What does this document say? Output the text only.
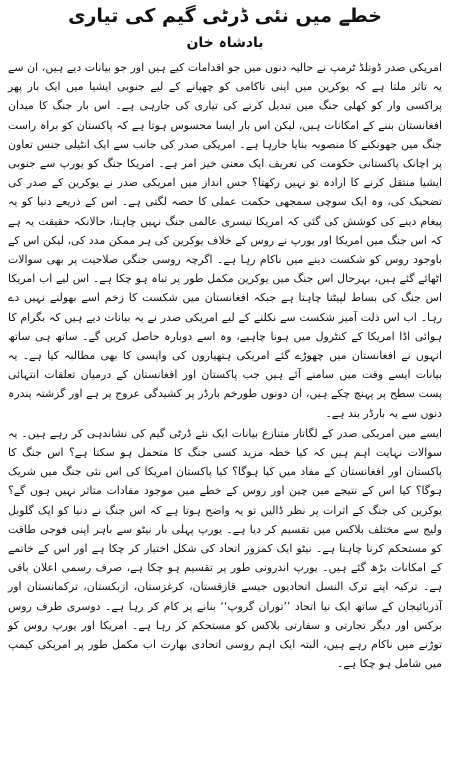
خطے میں نئی ڈرٹی گیم کی تیاری
بادشاہ خان

امریکی صدر ڈونلڈ ٹرمپ نے حالیہ دنوں میں جو اقدامات کیے ہیں اور جو بیانات دیے ہیں، ان سے یہ تاثر ملتا ہے کہ یوکرین میں اپنی ناکامی کو چھپانے کے لیے جنوبی ایشیا میں ایک بار پھر پراکسی وار کو کھلی جنگ میں تبدیل کرنے کی تیاری کی جارہی ہے۔ اس بار جنگ کا میدان افغانستان بننے کے امکانات ہیں، لیکن اس بار ایسا محسوس ہوتا ہے کہ پاکستان کو براہ راست جنگ میں جھونکنے کا منصوبہ بنایا جارہا ہے۔ امریکی صدر کی جانب سے ایک انٹیلی جنس تعاون پر اچانک پاکستانی حکومت کی تعریف ایک معنی خیز امر ہے۔ امریکا جنگ کو یورپ سے جنوبی ایشیا منتقل کرنے کا ارادہ تو نہیں رکھتا؟ جس انداز میں امریکی صدر نے یوکرین کے صدر کی تضحیک کی، وہ ایک سوچی سمجھی حکمت عملی کا حصہ لگتی ہے۔ اس کے ذریعے دنیا کو یہ پیغام دینے کی کوشش کی گئی کہ امریکا تیسری عالمی جنگ نہیں چاہتا، حالانکہ حقیقت یہ ہے کہ اس جنگ میں امریکا اور یورپ نے روس کے خلاف یوکرین کی ہر ممکن مدد کی، لیکن اس کے باوجود روس کو شکست دینے میں ناکام رہا ہے۔ اگرچہ روسی جنگی صلاحیت پر بھی سوالات اٹھائے گئے ہیں، بہرحال اس جنگ میں یوکرین مکمل طور پر تباہ ہو چکا ہے۔ اس لیے اب امریکا اس جنگ کی بساط لپیٹنا چاہتا ہے جبکہ افغانستان میں شکست کا زخم اسے بھولنے نہیں دے رہا۔ اب اس ذلت آمیز شکست سے نکلنے کے لیے امریکی صدر نے یہ بیانات دیے ہیں کہ بگرام کا ہوائی اڈا امریکا کے کنٹرول میں ہونا چاہیے، وہ اسے دوبارہ حاصل کریں گے۔ ساتھ ہی ساتھ انہوں نے افغانستان میں چھوڑے گئے امریکی ہتھیاروں کی واپسی کا بھی مطالبہ کیا ہے۔ یہ بیانات ایسے وقت میں سامنے آئے ہیں جب پاکستان اور افغانستان کے درمیان تعلقات انتہائی پست سطح پر پہنچ چکے ہیں، ان دونوں طورخم بارڈر پر کشیدگی عروج پر ہے اور گزشتہ پندرہ دنوں سے یہ بارڈر بند ہے۔

ایسے میں امریکی صدر کے لگاتار متنازع بیانات ایک نئے ڈرٹی گیم کی نشاندہی کر رہے ہیں۔ یہ سوالات نہایت اہم ہیں کہ کیا خطہ مزید کسی جنگ کا متحمل ہو سکتا ہے؟ اس جنگ کا پاکستان اور افغانستان کے مفاد میں کیا ہوگا؟ کیا پاکستان امریکا کی اس نئی جنگ میں شریک ہوگا؟ کیا اس کے نتیجے میں چین اور روس کے خطے میں موجود مفادات متاثر نہیں ہوں گے؟ یوکرین کی جنگ کے اثرات پر نظر ڈالیں تو یہ واضح ہوتا ہے کہ اس جنگ نے دنیا کو ایک گلوبل ولیج سے مختلف بلاکس میں تقسیم کر دیا ہے۔ یورپ پہلی بار نیٹو سے باہر اپنی فوجی طاقت کو مستحکم کرنا چاہتا ہے۔ نیٹو ایک کمزور اتحاد کی شکل اختیار کر چکا ہے اور اس کے خاتمے کے امکانات بڑھ گئے ہیں۔ یورپ اندرونی طور پر تقسیم ہو چکا ہے، صرف رسمی اعلان باقی ہے۔ ترکیہ اپنے ترک النسل اتحادیوں جیسے قازقستان، کرغزستان، ازبکستان، ترکمانستان اور آذربائیجان کے ساتھ ایک نیا اتحاد ’’توران گروپ‘‘ بنانے پر کام کر رہا ہے۔ دوسری طرف روس برکس اور دیگر تجارتی و سفارتی بلاکس کو مستحکم کر رہا ہے۔ امریکا اور یورپ روس کو توڑنے میں ناکام رہے ہیں، البتہ ایک اہم روسی اتحادی بھارت اب مکمل طور پر امریکی کیمپ میں شامل ہو چکا ہے۔
